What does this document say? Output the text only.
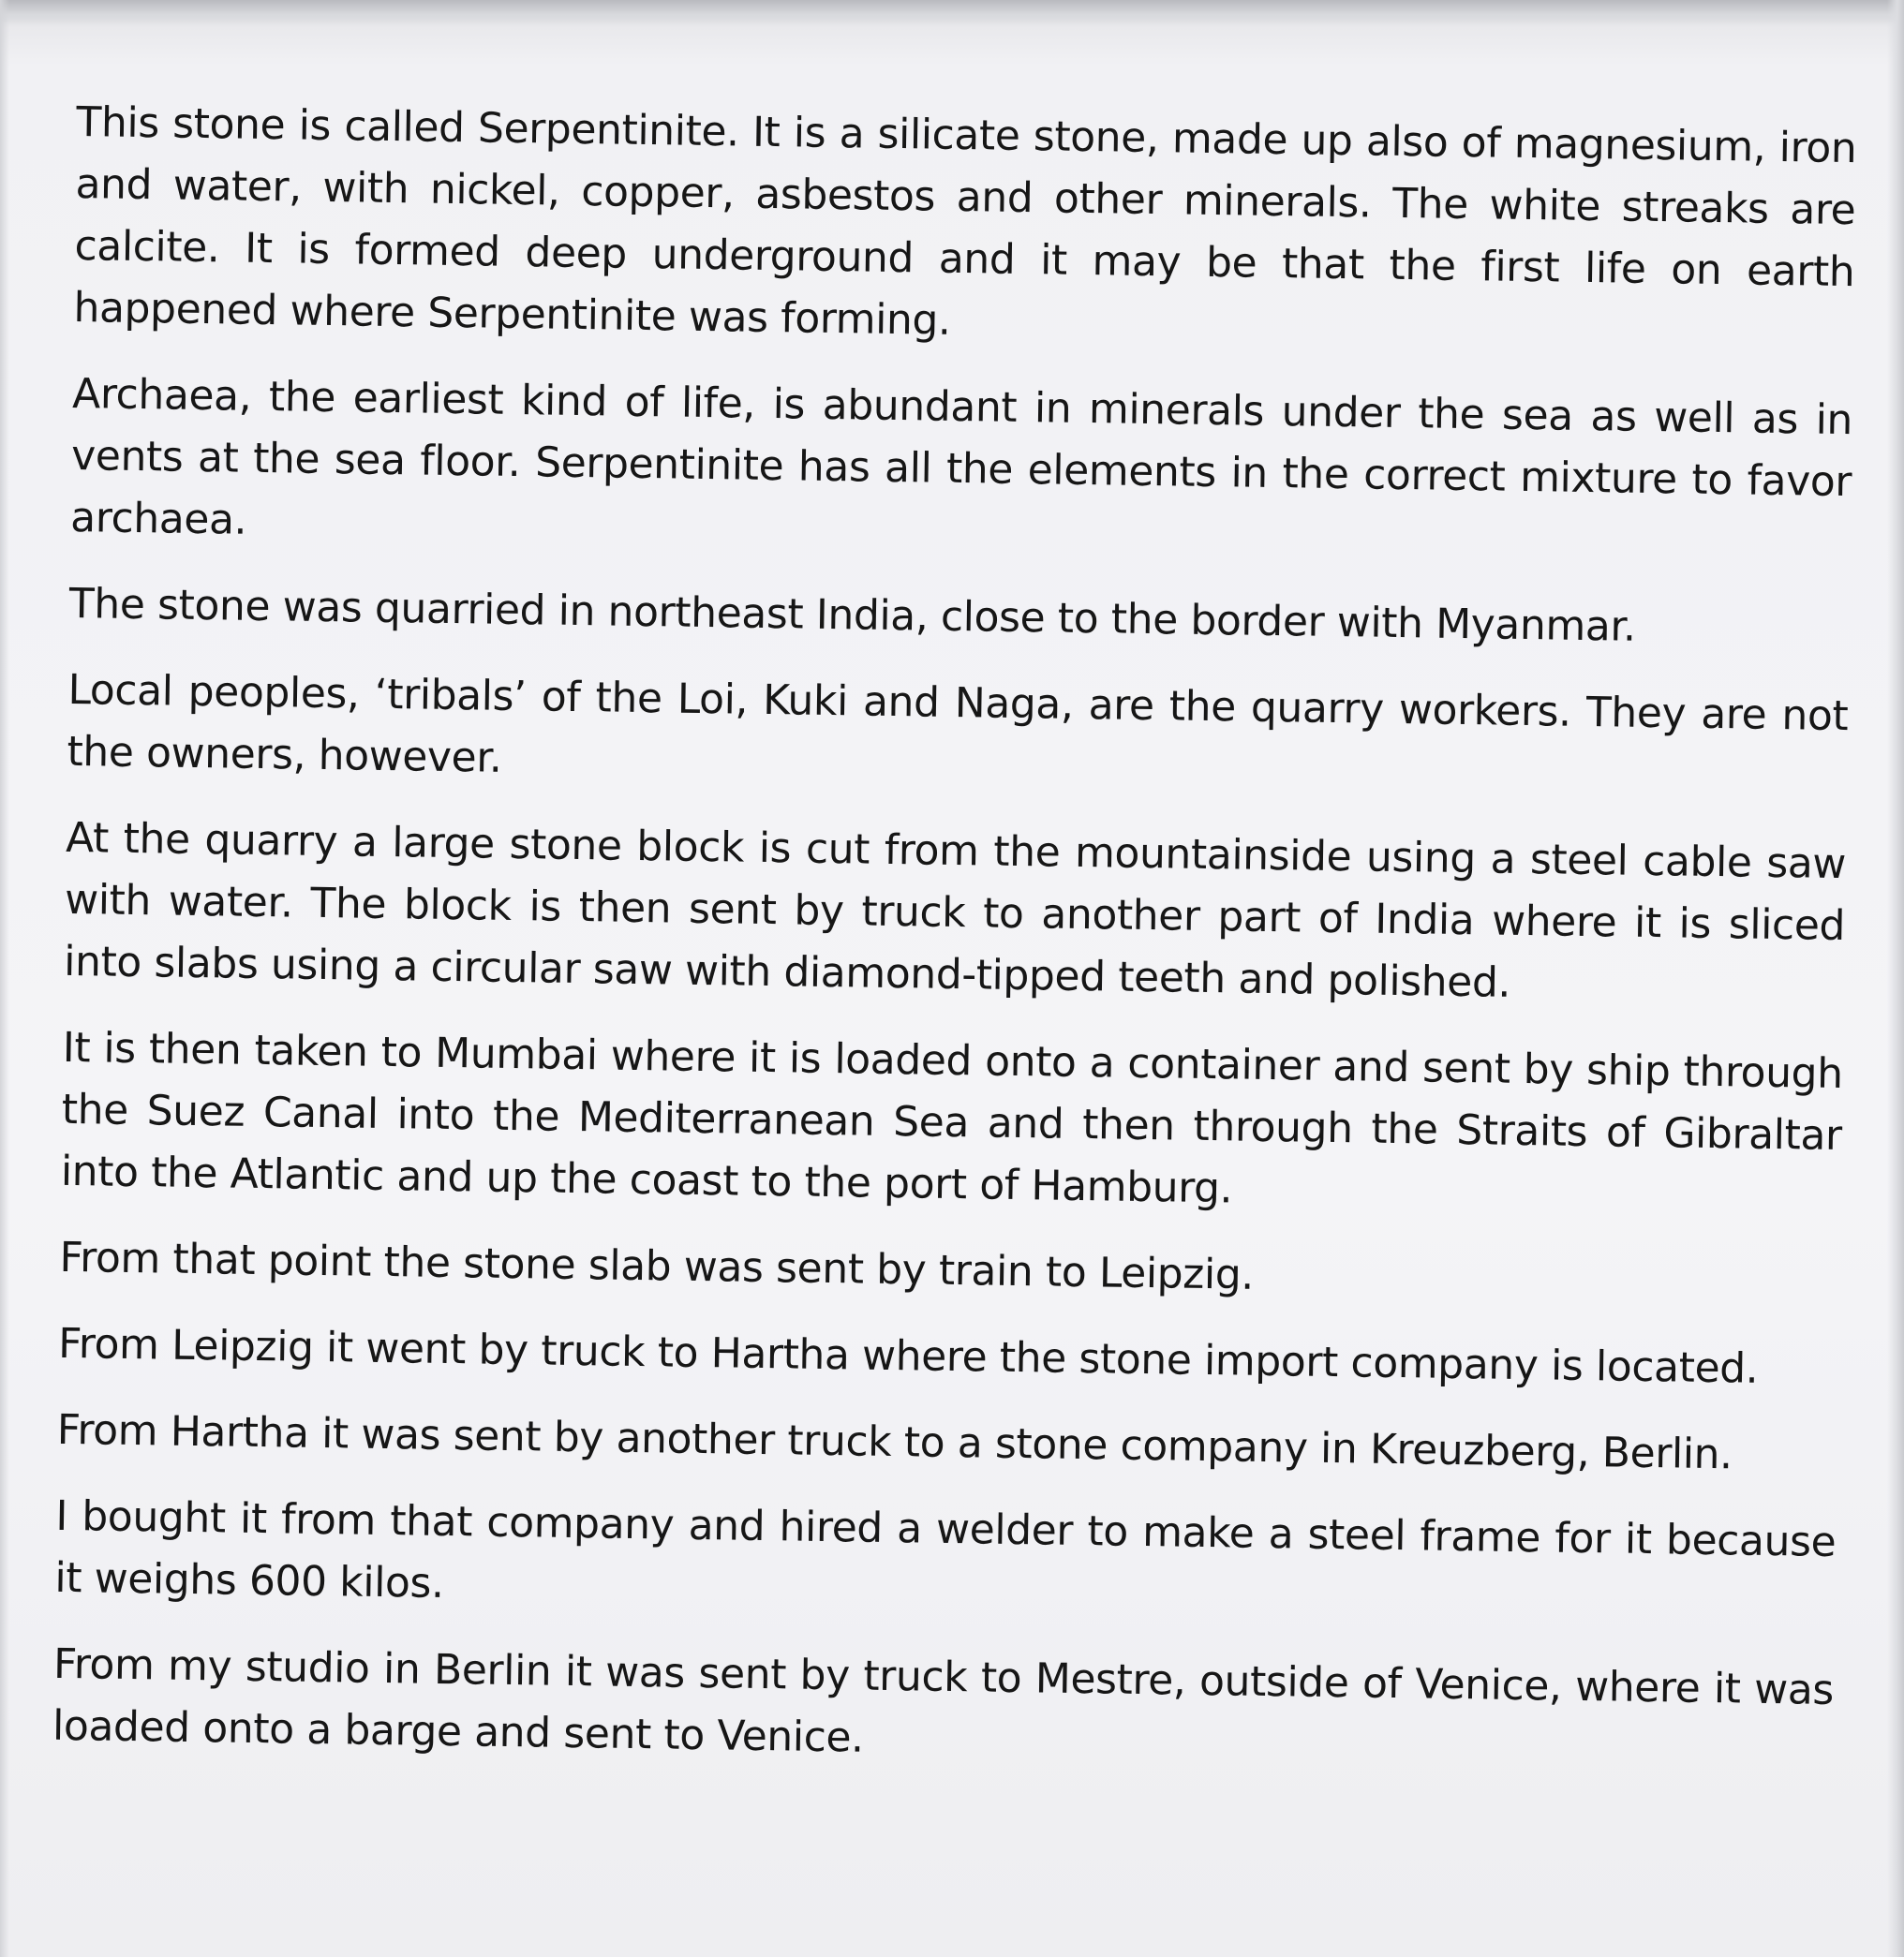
This stone is called Serpentinite. It is a silicate stone, made up also of magnesium, iron and water, with nickel, copper, asbestos and other minerals. The white streaks are calcite. It is formed deep underground and it may be that the first life on earth happened where Serpentinite was forming.

Archaea, the earliest kind of life, is abundant in minerals under the sea as well as in vents at the sea floor. Serpentinite has all the elements in the correct mixture to favor archaea.

The stone was quarried in northeast India, close to the border with Myanmar.

Local peoples, ‘tribals’ of the Loi, Kuki and Naga, are the quarry workers. They are not the owners, however.

At the quarry a large stone block is cut from the mountainside using a steel cable saw with water. The block is then sent by truck to another part of India where it is sliced into slabs using a circular saw with diamond-tipped teeth and polished.

It is then taken to Mumbai where it is loaded onto a container and sent by ship through the Suez Canal into the Mediterranean Sea and then through the Straits of Gibraltar into the Atlantic and up the coast to the port of Hamburg.

From that point the stone slab was sent by train to Leipzig.

From Leipzig it went by truck to Hartha where the stone import company is located.

From Hartha it was sent by another truck to a stone company in Kreuzberg, Berlin.

I bought it from that company and hired a welder to make a steel frame for it because it weighs 600 kilos.

From my studio in Berlin it was sent by truck to Mestre, outside of Venice, where it was loaded onto a barge and sent to Venice.
